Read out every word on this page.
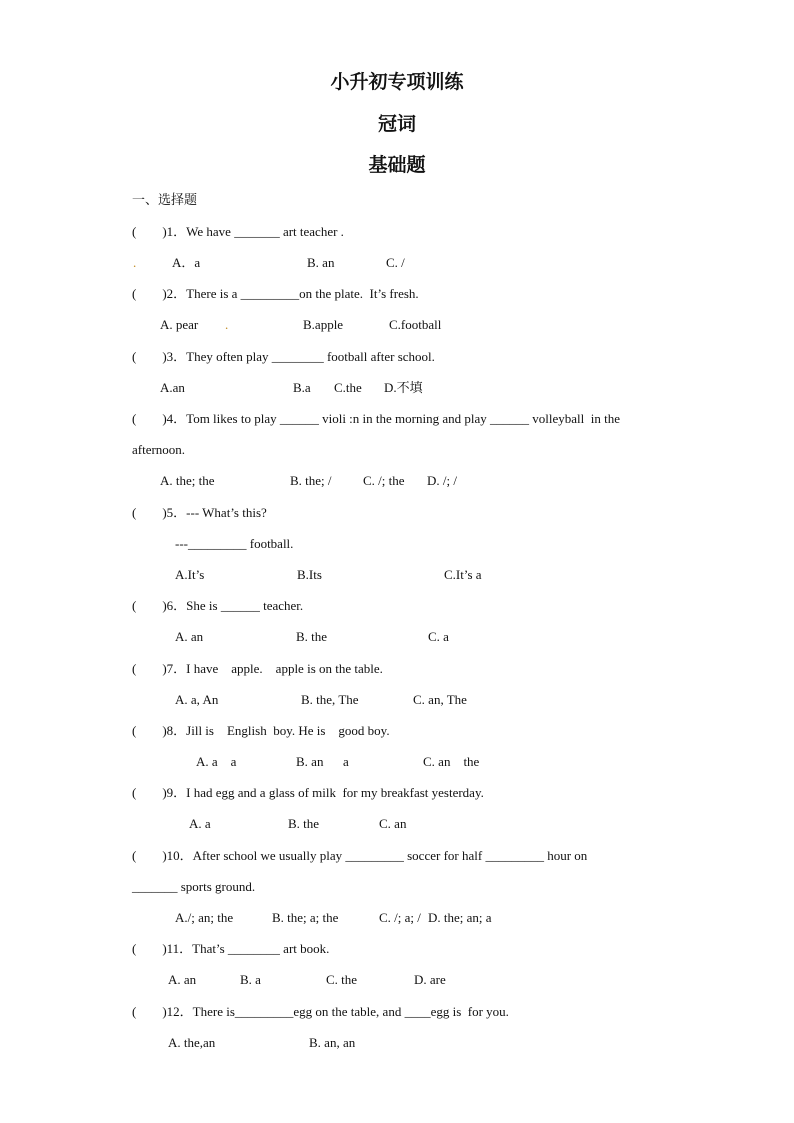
小升初专项训练
冠词
基础题
一、选择题
(        )1．We have _______ art teacher .
.	A．a	B. an	C. /
(        )2．There is a _________on the plate.  It’s fresh.
A. pear .	B.apple	C.football
(        )3．They often play ________ football after school.
A.an	B.a C.the D.不填
(        )4．Tom likes to play ______ violi :n in the morning and play ______ volleyball  in the
afternoon.
A. the; the	B. the; / C. /; the D. /; /
(        )5．--- What’s this?
---_________ football.
A.It’s	B.Its	C.It’s a
(        )6．She is ______ teacher.
A. an	B. the	C. a
(        )7．I have    apple.    apple is on the table.
A. a, An	B. the, The	C. an, The
(        )8．Jill is    English  boy. He is    good boy.
A. a    a	B. an      a	C. an    the
(        )9．I had egg and a glass of milk  for my breakfast yesterday.
A. a	B. the	C. an
(        )10．After school we usually play _________ soccer for half _________ hour on
_______ sports ground.
A./; an; the	B. the; a; the	C. /; a; / D. the; an; a
(        )11．That’s ________ art book.
A. an	B. a	C. the	D. are
(        )12．There is_________egg on the table, and ____egg is  for you.
A. the,an	B. an, an
